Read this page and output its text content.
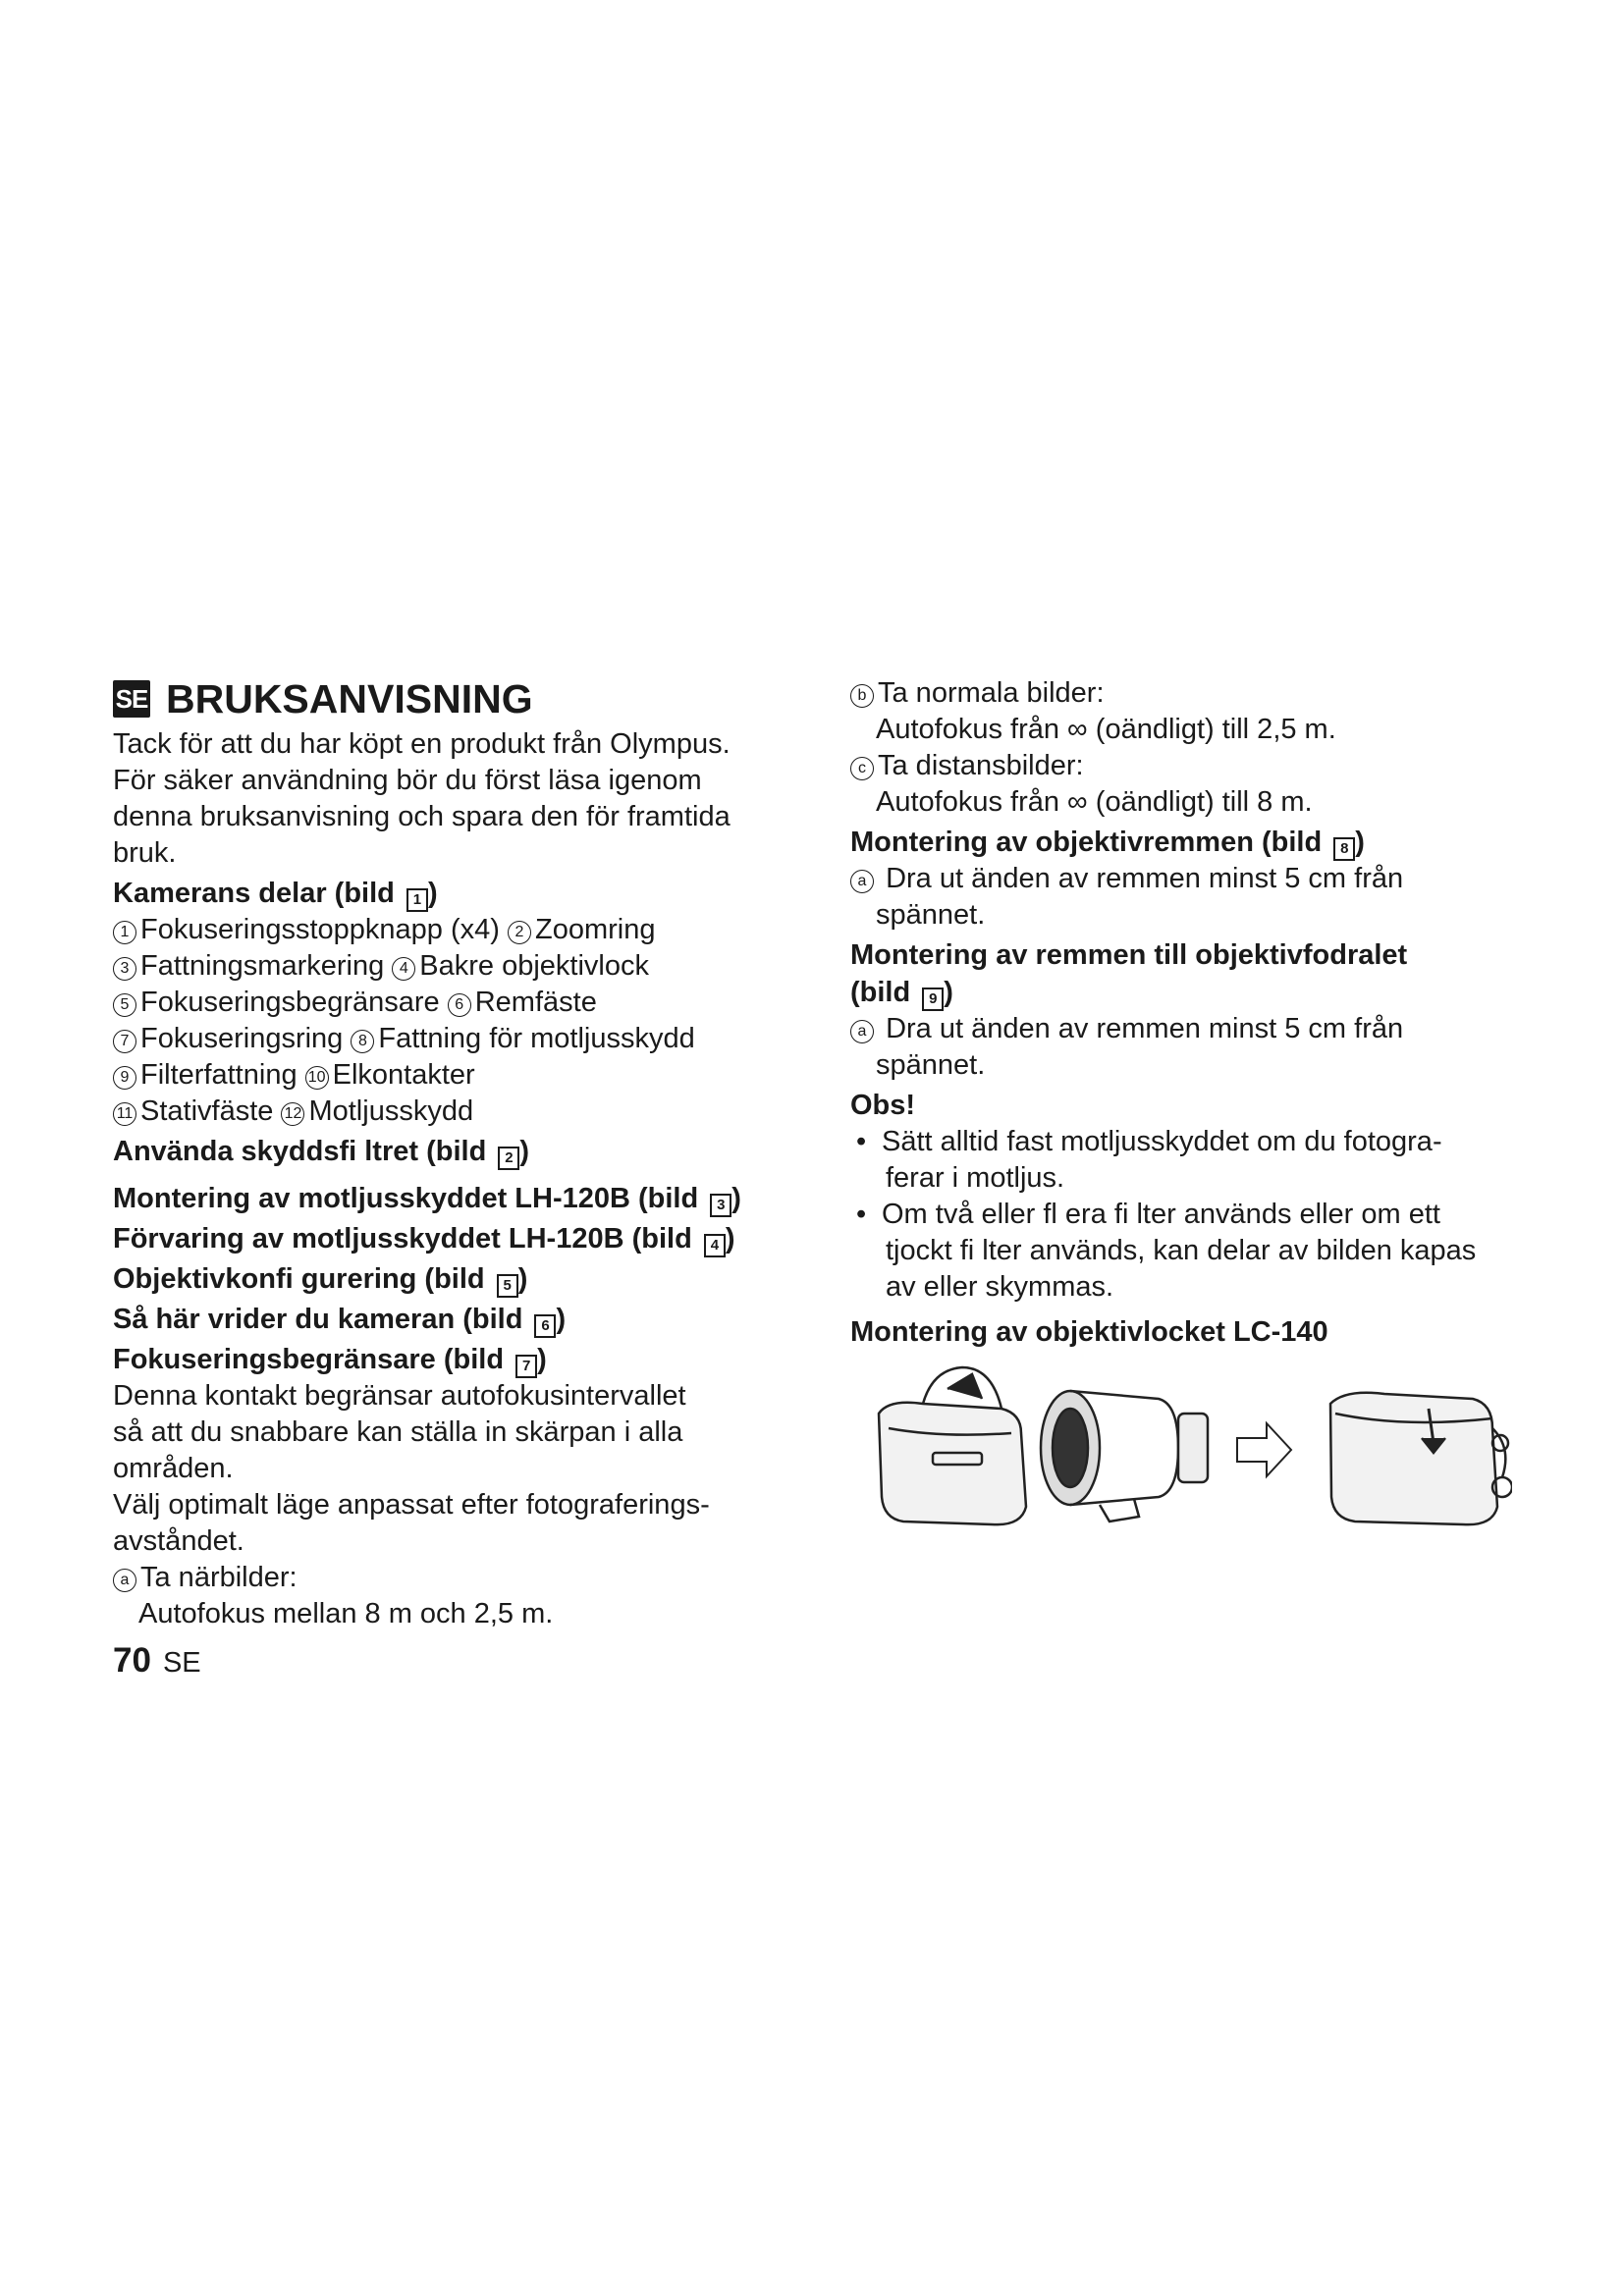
SE BRUKSANVISNING

Tack för att du har köpt en produkt från Olympus.

För säker användning bör du först läsa igenom

denna bruksanvisning och spara den för framtida

bruk.

Kamerans delar (bild 1 )

1 Fokuseringsstoppknapp (x4) 2 Zoomring

3 Fattningsmarkering 4 Bakre objektivlock

5 Fokuseringsbegränsare 6 Remfäste

7 Fokuseringsring 8 Fattning för motljusskydd

9 Filterfattning 10 Elkontakter

11 Stativfäste 12 Motljusskydd

Använda skyddsfi ltret (bild 2 )

Montering av motljusskyddet LH-120B (bild 3 )

Förvaring av motljusskyddet LH-120B (bild 4 )

Objektivkonfi gurering (bild 5 )

Så här vrider du kameran (bild 6 )

Fokuseringsbegränsare (bild 7 )

Denna kontakt begränsar autofokusintervallet

så att du snabbare kan ställa in skärpan i alla

områden.

Välj optimalt läge anpassat efter fotograferings-

avståndet.

a Ta närbilder:

Autofokus mellan 8 m och 2,5 m.

b Ta normala bilder:

Autofokus från ∞ (oändligt) till 2,5 m.

c Ta distansbilder:

Autofokus från ∞ (oändligt) till 8 m.

Montering av objektivremmen (bild 8 )

a Dra ut änden av remmen minst 5 cm från

spännet.

Montering av remmen till objektivfodralet

(bild 9 )

a Dra ut änden av remmen minst 5 cm från

spännet.

Obs!

• Sätt alltid fast motljusskyddet om du fotogra-

ferar i motljus.

• Om två eller fl era fi lter används eller om ett

tjockt fi lter används, kan delar av bilden kapas

av eller skymmas.

Montering av objektivlocket LC-140

70 SE
